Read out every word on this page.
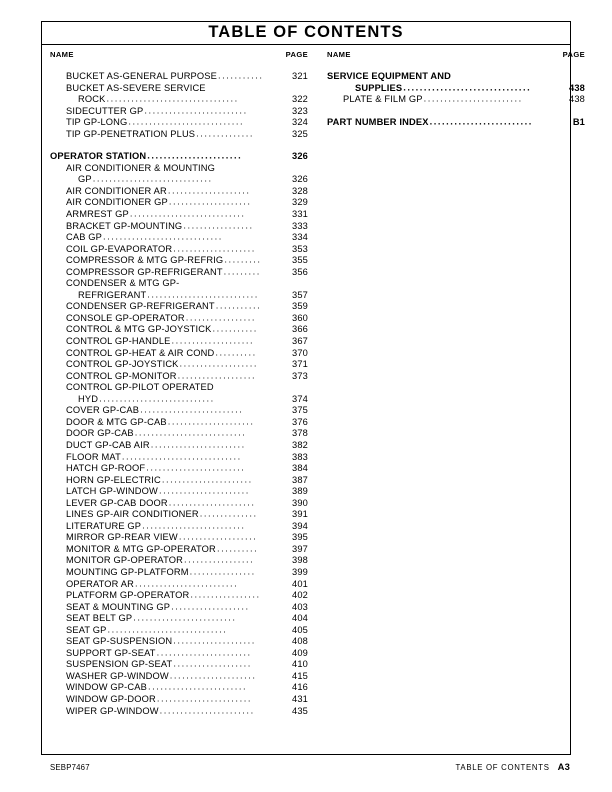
TABLE OF CONTENTS
NAME	PAGE
BUCKET AS-GENERAL PURPOSE ...........	321
BUCKET AS-SEVERE SERVICE
ROCK ................................	322
SIDECUTTER GP .........................	323
TIP GP-LONG ............................	324
TIP GP-PENETRATION PLUS ..............	325
OPERATOR STATION .......................	326
AIR CONDITIONER & MOUNTING
GP .............................	326
AIR CONDITIONER AR ....................	328
AIR CONDITIONER GP ....................	329
ARMREST GP ............................	331
BRACKET GP-MOUNTING .................	333
CAB GP .............................	334
COIL GP-EVAPORATOR ....................	353
COMPRESSOR & MTG GP-REFRIG .........	355
COMPRESSOR GP-REFRIGERANT .........	356
CONDENSER & MTG GP-
REFRIGERANT ...........................	357
CONDENSER GP-REFRIGERANT ...........	359
CONSOLE GP-OPERATOR .................	360
CONTROL & MTG GP-JOYSTICK ...........	366
CONTROL GP-HANDLE ....................	367
CONTROL GP-HEAT & AIR COND ..........	370
CONTROL GP-JOYSTICK ...................	371
CONTROL GP-MONITOR ...................	373
CONTROL GP-PILOT OPERATED
HYD ............................	374
COVER GP-CAB .........................	375
DOOR & MTG GP-CAB .....................	376
DOOR GP-CAB ...........................	378
DUCT GP-CAB AIR .......................	382
FLOOR MAT .............................	383
HATCH GP-ROOF ........................	384
HORN GP-ELECTRIC ......................	387
LATCH GP-WINDOW ......................	389
LEVER GP-CAB DOOR .....................	390
LINES GP-AIR CONDITIONER ..............	391
LITERATURE GP .........................	394
MIRROR GP-REAR VIEW ...................	395
MONITOR & MTG GP-OPERATOR ..........	397
MONITOR GP-OPERATOR .................	398
MOUNTING GP-PLATFORM ................	399
OPERATOR AR .........................	401
PLATFORM GP-OPERATOR .................	402
SEAT & MOUNTING GP ...................	403
SEAT BELT GP .........................	404
SEAT GP .............................	405
SEAT GP-SUSPENSION ....................	408
SUPPORT GP-SEAT .......................	409
SUSPENSION GP-SEAT ...................	410
WASHER GP-WINDOW .....................	415
WINDOW GP-CAB ........................	416
WINDOW GP-DOOR .......................	431
WIPER GP-WINDOW .......................	435
NAME	PAGE
SERVICE EQUIPMENT AND
SUPPLIES ...............................	438
PLATE & FILM GP ........................	438
PART NUMBER INDEX .........................	B1
SEBP7467	TABLE OF CONTENTS A3
